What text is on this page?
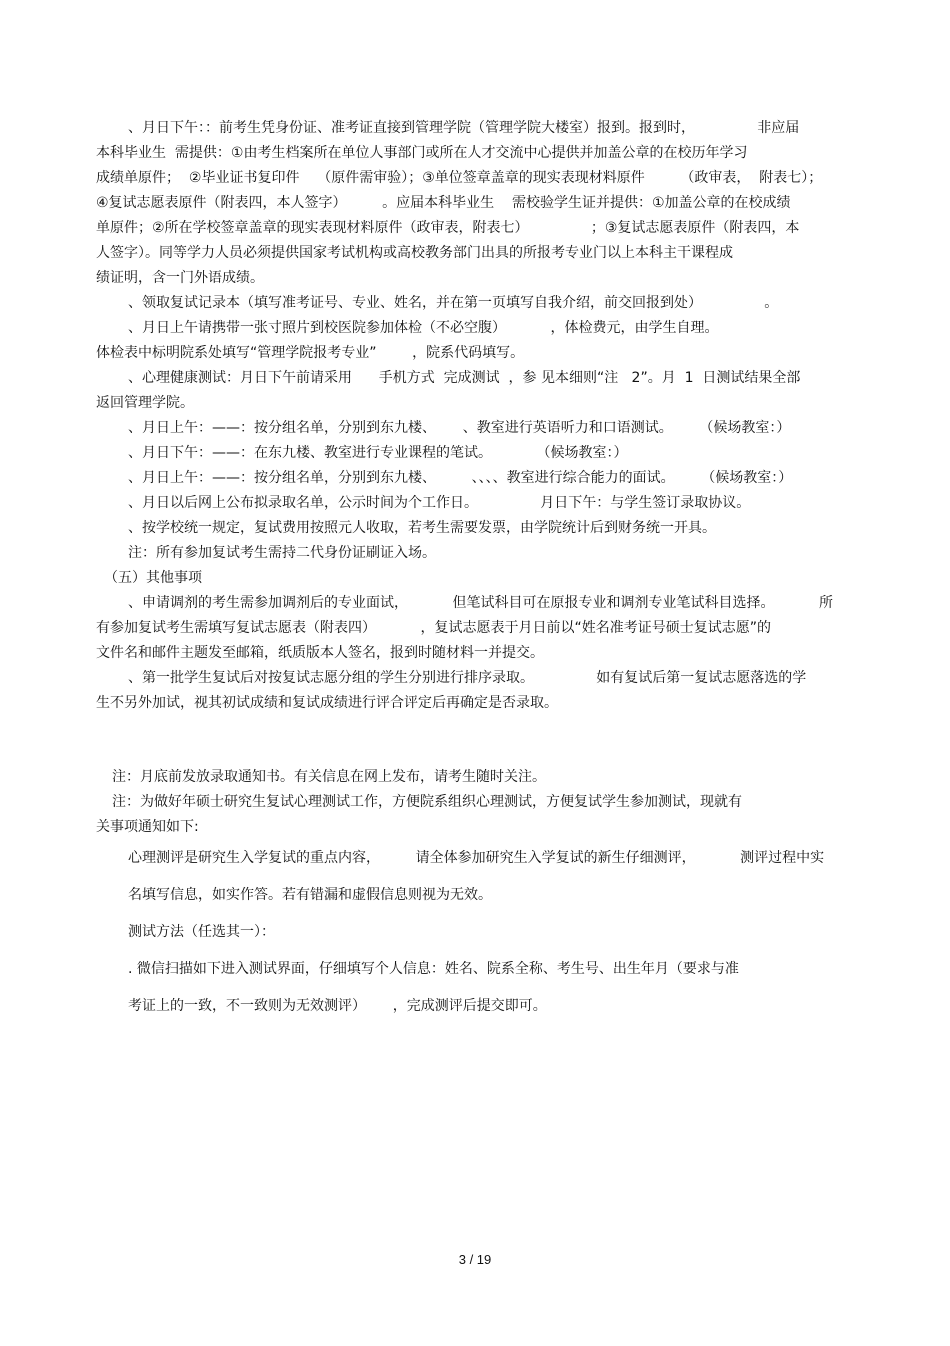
、月日下午：：前考生凭身份证、准考证直接到管理学院（管理学院大楼室）报到。报到时，              非应届
本科毕业生  需提供：①由考生档案所在单位人事部门或所在人才交流中心提供并加盖公章的在校历年学习
成绩单原件；  ②毕业证书复印件    （原件需审验）；③单位签章盖章的现实表现材料原件        （政审表，  附表七）；
④复试志愿表原件（附表四，本人签字）        。应届本科毕业生    需校验学生证并提供：①加盖公章的在校成绩
单原件；②所在学校签章盖章的现实表现材料原件（政审表，附表七）              ；③复试志愿表原件（附表四，本
人签字）。同等学力人员必须提供国家考试机构或高校教务部门出具的所报考专业门以上本科主干课程成
绩证明，含一门外语成绩。
、领取复试记录本（填写准考证号、专业、姓名，并在第一页填写自我介绍，前交回报到处）              。
、月日上午请携带一张寸照片到校医院参加体检（不必空腹）          ，体检费元，由学生自理。
体检表中标明院系处填写“管理学院报考专业”        ，院系代码填写。
、心理健康测试：月日下午前请采用      手机方式  完成测试  ，参 见本细则“注   2”。月  1  日测试结果全部
返回管理学院。
、月日上午：——：按分组名单，分别到东九楼、      、教室进行英语听力和口语测试。      （候场教室：）
、月日下午：——：在东九楼、教室进行专业课程的笔试。          （候场教室：）
、月日上午：——：按分组名单，分别到东九楼、        、、、、教室进行综合能力的面试。      （候场教室：）
、月日以后网上公布拟录取名单，公示时间为个工作日。              月日下午：与学生签订录取协议。
、按学校统一规定，复试费用按照元人收取，若考生需要发票，由学院统计后到财务统一开具。
注：所有参加复试考生需持二代身份证刷证入场。
（五）其他事项
、申请调剂的考生需参加调剂后的专业面试，          但笔试科目可在原报专业和调剂专业笔试科目选择。          所
有参加复试考生需填写复试志愿表（附表四）          ，复试志愿表于月日前以“姓名准考证号硕士复试志愿”的
文件名和邮件主题发至邮箱，纸质版本人签名，报到时随材料一并提交。
、第一批学生复试后对按复试志愿分组的学生分别进行排序录取。              如有复试后第一复试志愿落选的学
生不另外加试，视其初试成绩和复试成绩进行评合评定后再确定是否录取。
注：月底前发放录取通知书。有关信息在网上发布，请考生随时关注。
注：为做好年硕士研究生复试心理测试工作，方便院系组织心理测试，方便复试学生参加测试，现就有
关事项通知如下:
心理测评是研究生入学复试的重点内容，        请全体参加研究生入学复试的新生仔细测评，          测评过程中实
名填写信息，如实作答。若有错漏和虚假信息则视为无效。
测试方法（任选其一）：
. 微信扫描如下进入测试界面，仔细填写个人信息：姓名、院系全称、考生号、出生年月（要求与准
考证上的一致，不一致则为无效测评）      ，完成测评后提交即可。
3 / 19
